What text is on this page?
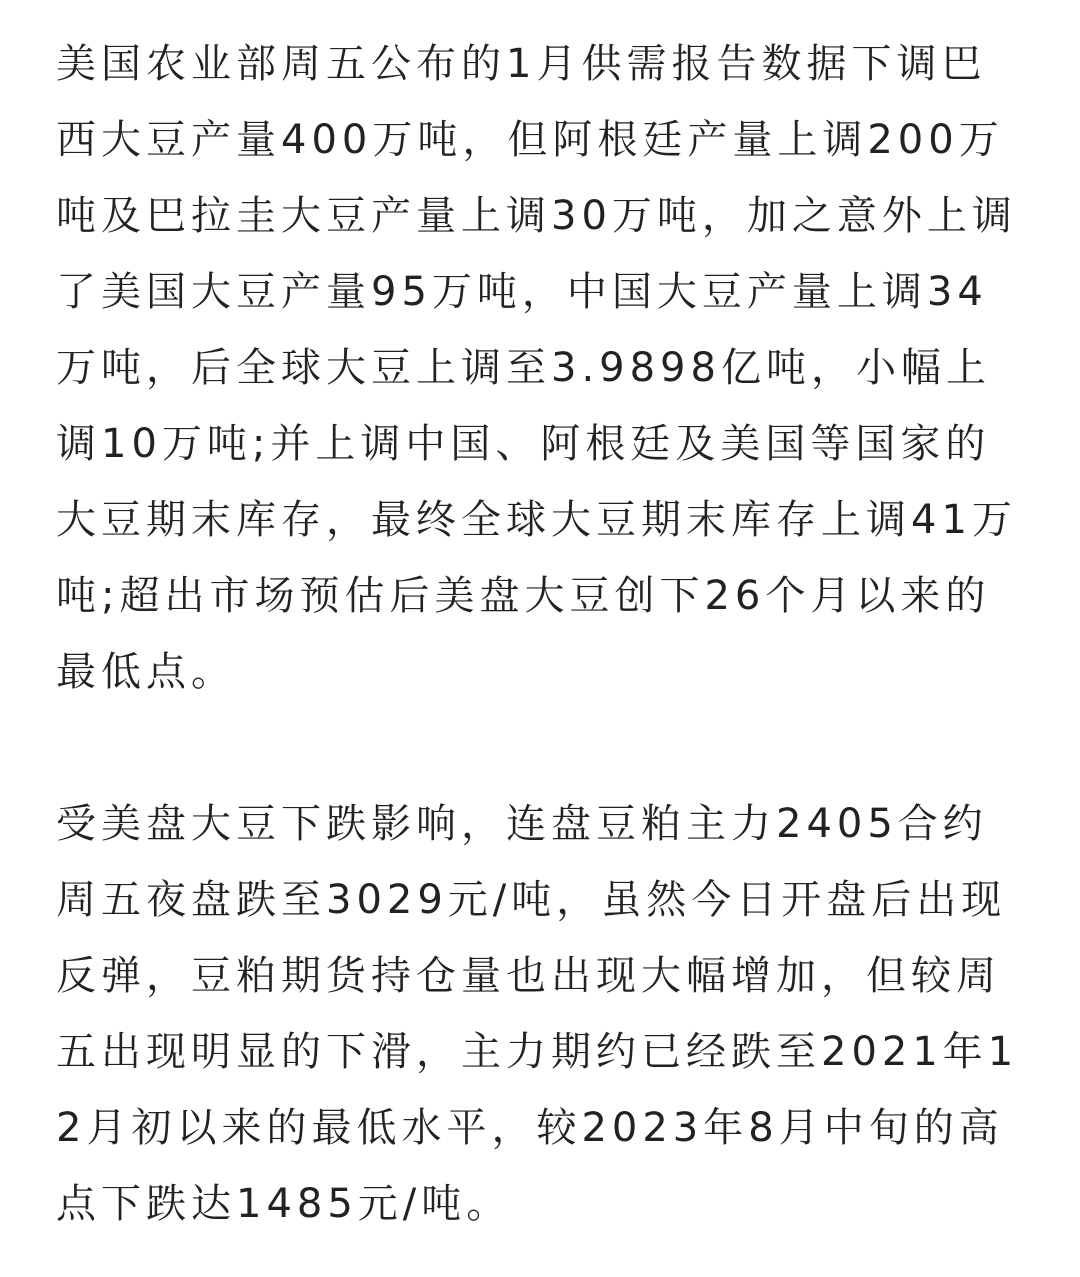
美国农业部周五公布的1月供需报告数据下调巴西大豆产量400万吨，但阿根廷产量上调200万吨及巴拉圭大豆产量上调30万吨，加之意外上调了美国大豆产量95万吨，中国大豆产量上调34万吨，后全球大豆上调至3.9898亿吨，小幅上调10万吨;并上调中国、阿根廷及美国等国家的大豆期末库存，最终全球大豆期末库存上调41万吨;超出市场预估后美盘大豆创下26个月以来的最低点。

受美盘大豆下跌影响，连盘豆粕主力2405合约周五夜盘跌至3029元/吨，虽然今日开盘后出现反弹，豆粕期货持仓量也出现大幅增加，但较周五出现明显的下滑，主力期约已经跌至2021年12月初以来的最低水平，较2023年8月中旬的高点下跌达1485元/吨。
